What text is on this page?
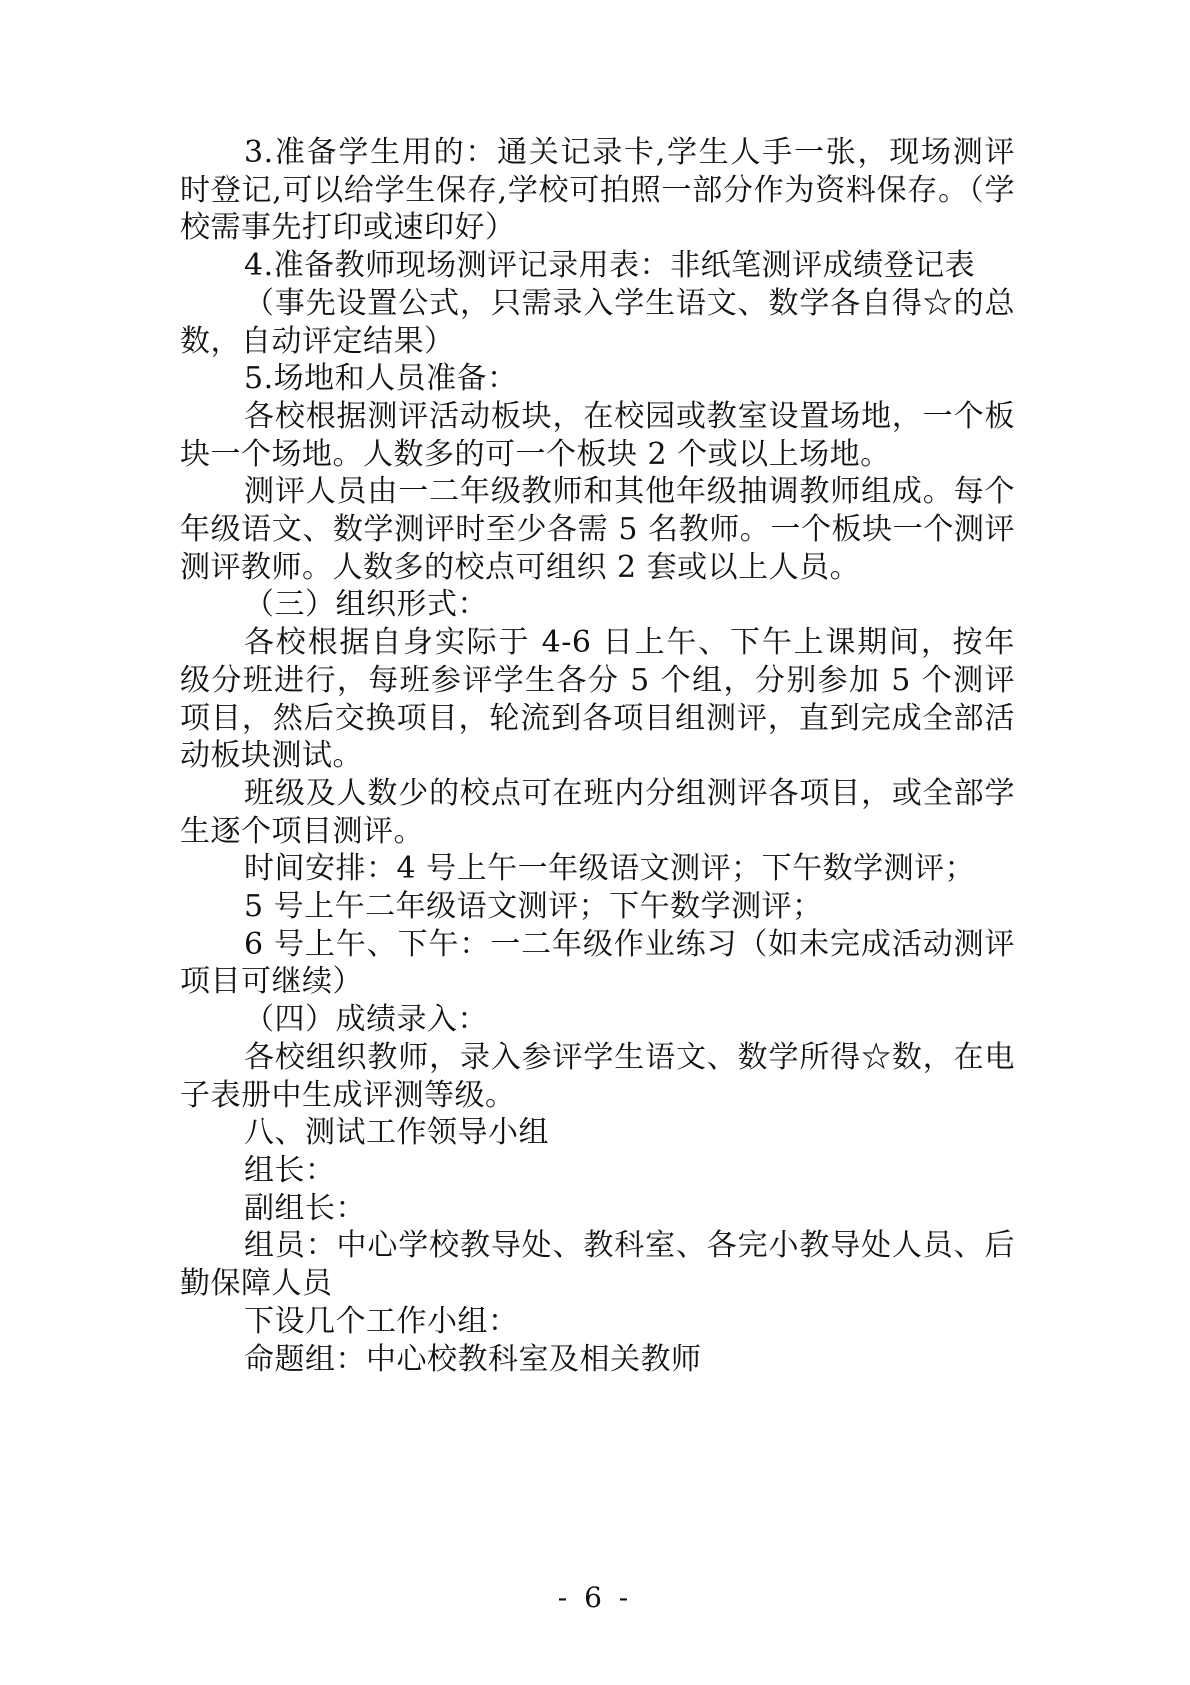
3.准备学生用的：通关记录卡,学生人手一张，现场测评时登记,可以给学生保存,学校可拍照一部分作为资料保存。（学校需事先打印或速印好）

4.准备教师现场测评记录用表：非纸笔测评成绩登记表

（事先设置公式，只需录入学生语文、数学各自得☆的总数，自动评定结果）

5.场地和人员准备：

各校根据测评活动板块，在校园或教室设置场地，一个板块一个场地。人数多的可一个板块 2 个或以上场地。

测评人员由一二年级教师和其他年级抽调教师组成。每个年级语文、数学测评时至少各需 5 名教师。一个板块一个测评测评教师。人数多的校点可组织 2 套或以上人员。

（三）组织形式：

各校根据自身实际于 4-6 日上午、下午上课期间，按年级分班进行，每班参评学生各分 5 个组，分别参加 5 个测评项目，然后交换项目，轮流到各项目组测评，直到完成全部活动板块测试。

班级及人数少的校点可在班内分组测评各项目，或全部学生逐个项目测评。

时间安排：4 号上午一年级语文测评；下午数学测评；

5 号上午二年级语文测评；下午数学测评；

6 号上午、下午：一二年级作业练习（如未完成活动测评项目可继续）

（四）成绩录入：

各校组织教师，录入参评学生语文、数学所得☆数，在电子表册中生成评测等级。

八、测试工作领导小组

组长：

副组长：

组员：中心学校教导处、教科室、各完小教导处人员、后勤保障人员

下设几个工作小组：

命题组：中心校教科室及相关教师

- 6 -
